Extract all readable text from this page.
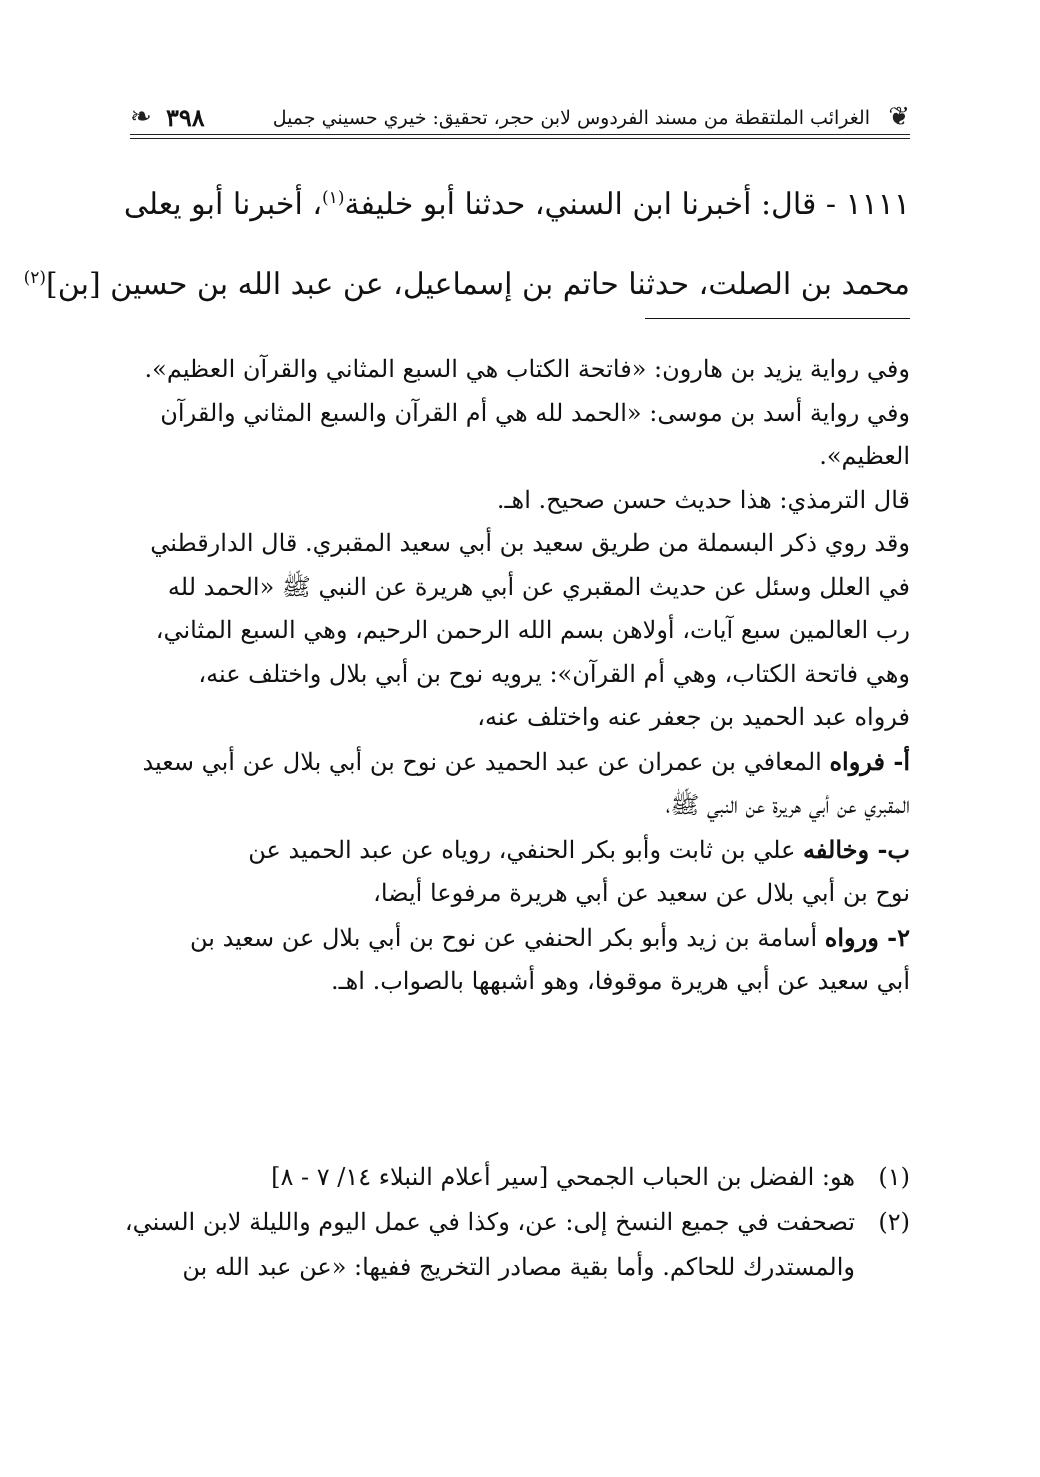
❦
الغرائب الملتقطة من مسند الفردوس لابن حجر، تحقيق: خيري حسيني جميل
٣٩٨
❧

١١١١ - قال: أخبرنا ابن السني، حدثنا أبو خليفة$^{(١)}$، أخبرنا أبو يعلى

محمد بن الصلت، حدثنا حاتم بن إسماعيل، عن عبد الله بن حسين [بن]$^{(٢)}$

وفي رواية يزيد بن هارون: «فاتحة الكتاب هي السبع المثاني والقرآن العظيم».

وفي رواية أسد بن موسى: «الحمد لله هي أم القرآن والسبع المثاني والقرآن

العظيم».

قال الترمذي: هذا حديث حسن صحيح. اهـ.

وقد روي ذكر البسملة من طريق سعيد بن أبي سعيد المقبري. قال الدارقطني

في العلل وسئل عن حديث المقبري عن أبي هريرة عن النبي ﷺ «الحمد لله

رب العالمين سبع آيات، أولاهن بسم الله الرحمن الرحيم، وهي السبع المثاني،

وهي فاتحة الكتاب، وهي أم القرآن»: يرويه نوح بن أبي بلال واختلف عنه،

فرواه عبد الحميد بن جعفر عنه واختلف عنه،

أ- فرواه المعافي بن عمران عن عبد الحميد عن نوح بن أبي بلال عن أبي سعيد

المقبري عن أبي هريرة عن النبي ﷺ،

ب- وخالفه علي بن ثابت وأبو بكر الحنفي، روياه عن عبد الحميد عن

نوح بن أبي بلال عن سعيد عن أبي هريرة مرفوعا أيضا،

٢- ورواه أسامة بن زيد وأبو بكر الحنفي عن نوح بن أبي بلال عن سعيد بن

أبي سعيد عن أبي هريرة موقوفا، وهو أشبهها بالصواب. اهـ.

(١)
هو: الفضل بن الحباب الجمحي [سير أعلام النبلاء ١٤/ ٧ - ٨]
(٢)
تصحفت في جميع النسخ إلى: عن، وكذا في عمل اليوم والليلة لابن السني،
والمستدرك للحاكم. وأما بقية مصادر التخريج ففيها: «عن عبد الله بن
